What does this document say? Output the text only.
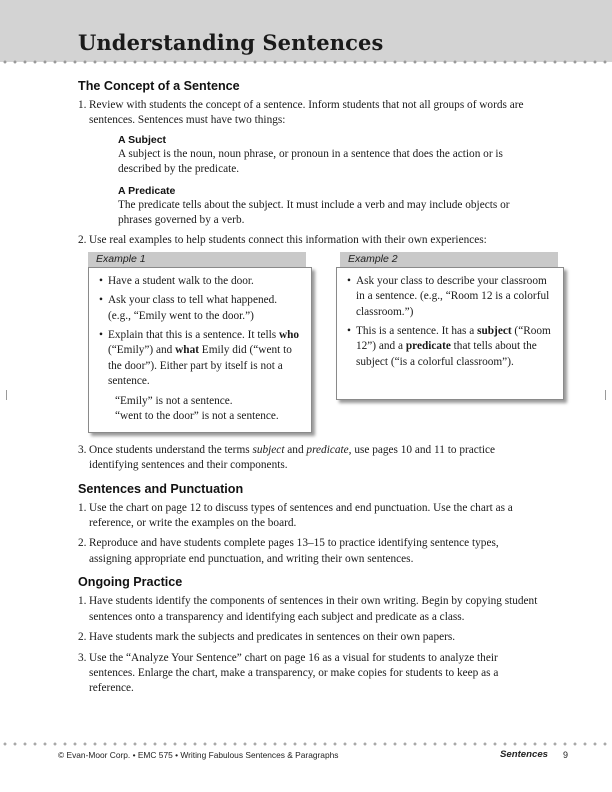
Understanding Sentences
The Concept of a Sentence
1. Review with students the concept of a sentence. Inform students that not all groups of words are sentences. Sentences must have two things:
A Subject
A subject is the noun, noun phrase, or pronoun in a sentence that does the action or is described by the predicate.
A Predicate
The predicate tells about the subject. It must include a verb and may include objects or phrases governed by a verb.
2. Use real examples to help students connect this information with their own experiences:
Example 1
• Have a student walk to the door.
• Ask your class to tell what happened. (e.g., “Emily went to the door.”)
• Explain that this is a sentence. It tells who (“Emily”) and what Emily did (“went to the door”). Either part by itself is not a sentence.
“Emily” is not a sentence.
“went to the door” is not a sentence.
Example 2
• Ask your class to describe your classroom in a sentence. (e.g., “Room 12 is a colorful classroom.”)
• This is a sentence. It has a subject (“Room 12”) and a predicate that tells about the subject (“is a colorful classroom”).
3. Once students understand the terms subject and predicate, use pages 10 and 11 to practice identifying sentences and their components.
Sentences and Punctuation
1. Use the chart on page 12 to discuss types of sentences and end punctuation. Use the chart as a reference, or write the examples on the board.
2. Reproduce and have students complete pages 13–15 to practice identifying sentence types, assigning appropriate end punctuation, and writing their own sentences.
Ongoing Practice
1. Have students identify the components of sentences in their own writing. Begin by copying student sentences onto a transparency and identifying each subject and predicate as a class.
2. Have students mark the subjects and predicates in sentences on their own papers.
3. Use the “Analyze Your Sentence” chart on page 16 as a visual for students to analyze their sentences. Enlarge the chart, make a transparency, or make copies for students to keep as a reference.
© Evan-Moor Corp. • EMC 575 • Writing Fabulous Sentences & Paragraphs	Sentences 9
